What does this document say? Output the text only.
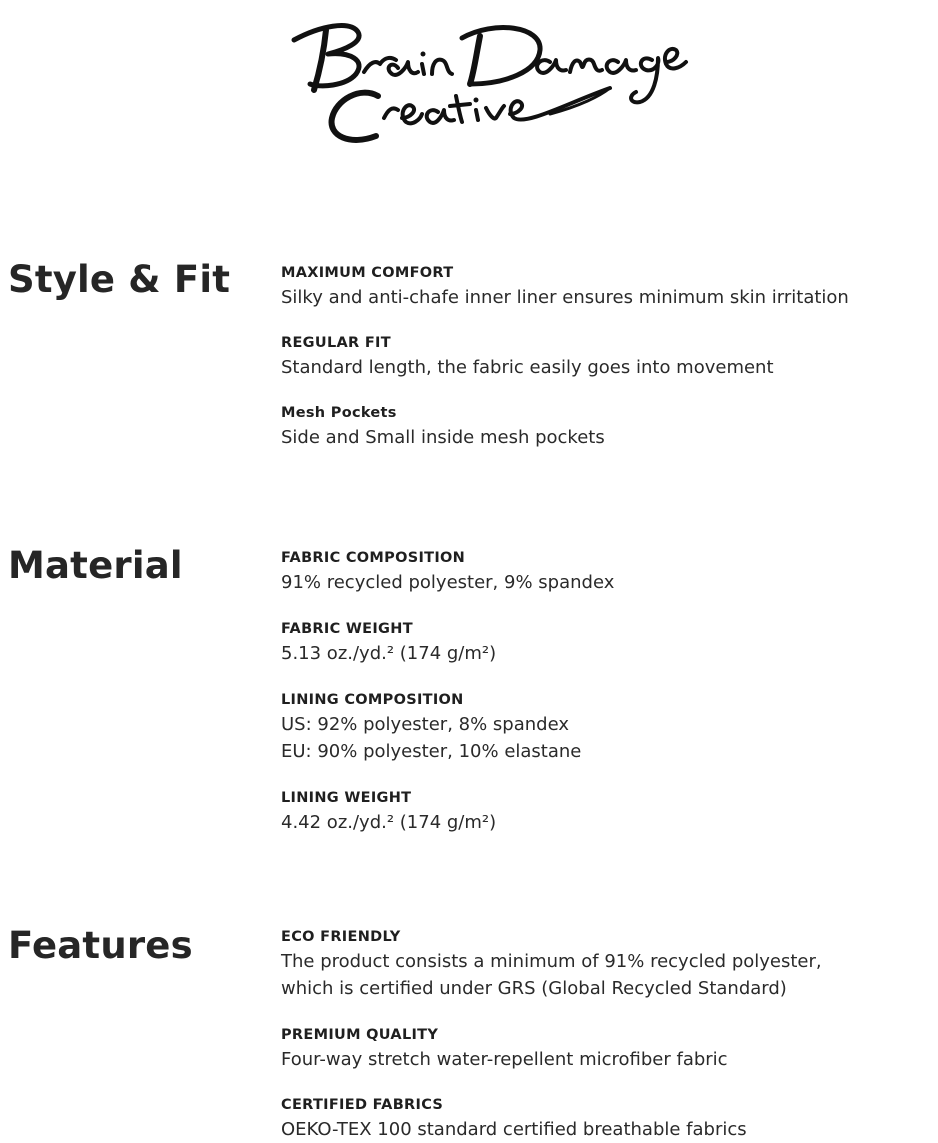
Style & Fit	MAXIMUM COMFORT
Silky and anti-chafe inner liner ensures minimum skin irritation
REGULAR FIT
Standard length, the fabric easily goes into movement
Mesh Pockets
Side and Small inside mesh pockets
Material	FABRIC COMPOSITION
91% recycled polyester, 9% spandex
FABRIC WEIGHT
5.13 oz./yd.² (174 g/m²)
LINING COMPOSITION
US: 92% polyester, 8% spandex
EU: 90% polyester, 10% elastane
LINING WEIGHT
4.42 oz./yd.² (174 g/m²)
Features	ECO FRIENDLY
The product consists a minimum of 91% recycled polyester,
which is certified under GRS (Global Recycled Standard)
PREMIUM QUALITY
Four-way stretch water-repellent microfiber fabric
CERTIFIED FABRICS
OEKO-TEX 100 standard certified breathable fabrics
